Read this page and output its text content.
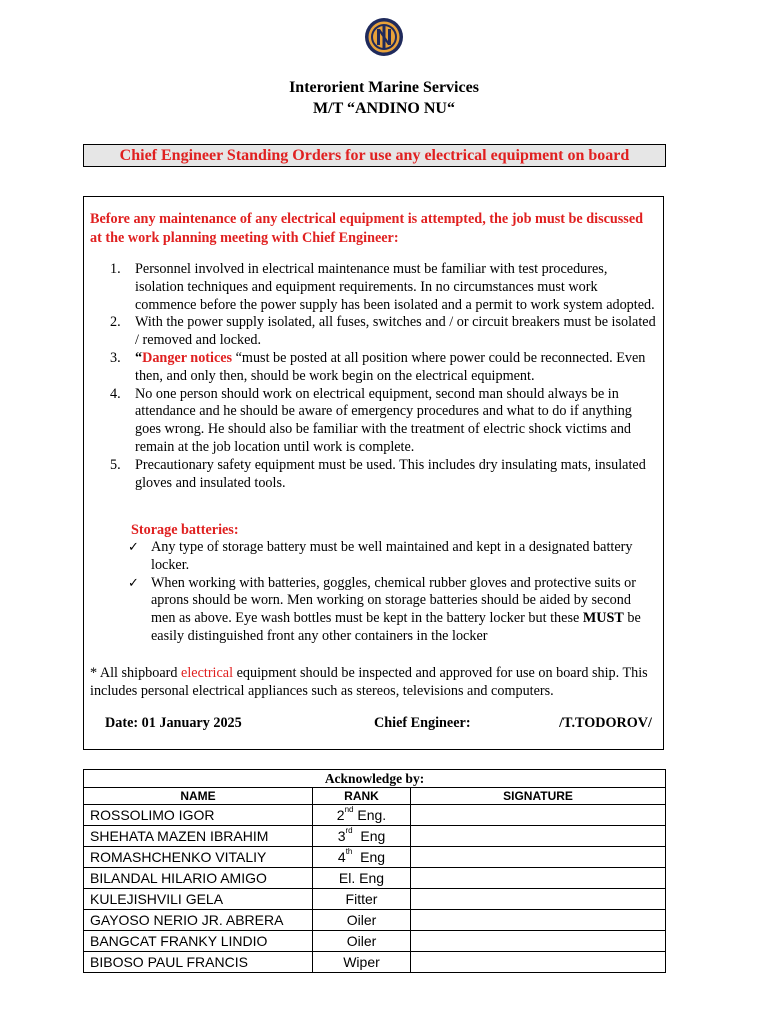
Interorient Marine Services
M/T “ANDINO NU“
Chief Engineer Standing Orders for use any electrical equipment on board
Before any maintenance of any electrical equipment is attempted, the job must be discussed at the work planning meeting with Chief Engineer:
1.	Personnel involved in electrical maintenance must be familiar with test procedures, isolation techniques and equipment requirements. In no circumstances must work commence before the power supply has been isolated and a permit to work system adopted.
2.	With the power supply isolated, all fuses, switches and / or circuit breakers must be isolated / removed and locked.
3.	“Danger notices “must be posted at all position where power could be reconnected. Even then, and only then, should be work begin on the electrical equipment.
4.	No one person should work on electrical equipment, second man should always be in attendance and he should be aware of emergency procedures and what to do if anything goes wrong. He should also be familiar with the treatment of electric shock victims and remain at the job location until work is complete.
5.	Precautionary safety equipment must be used. This includes dry insulating mats, insulated gloves and insulated tools.
Storage batteries:
✓ Any type of storage battery must be well maintained and kept in a designated battery locker.
✓ When working with batteries, goggles, chemical rubber gloves and protective suits or aprons should be worn. Men working on storage batteries should be aided by second men as above. Eye wash bottles must be kept in the battery locker but these MUST be easily distinguished front any other containers in the locker
* All shipboard electrical equipment should be inspected and approved for use on board ship. This includes personal electrical appliances such as stereos, televisions and computers.
Date: 01 January 2025	Chief Engineer:	/T.TODOROV/
Acknowledge by:		
NAME	RANK	SIGNATURE
ROSSOLIMO IGOR	2nd Eng.	
SHEHATA MAZEN IBRAHIM	3rd  Eng	
ROMASHCHENKO VITALIY	4th  Eng	
BILANDAL HILARIO AMIGO	El. Eng	
KULEJISHVILI GELA	Fitter	
GAYOSO NERIO JR. ABRERA	Oiler	
BANGCAT FRANKY LINDIO	Oiler	
BIBOSO PAUL FRANCIS	Wiper	
